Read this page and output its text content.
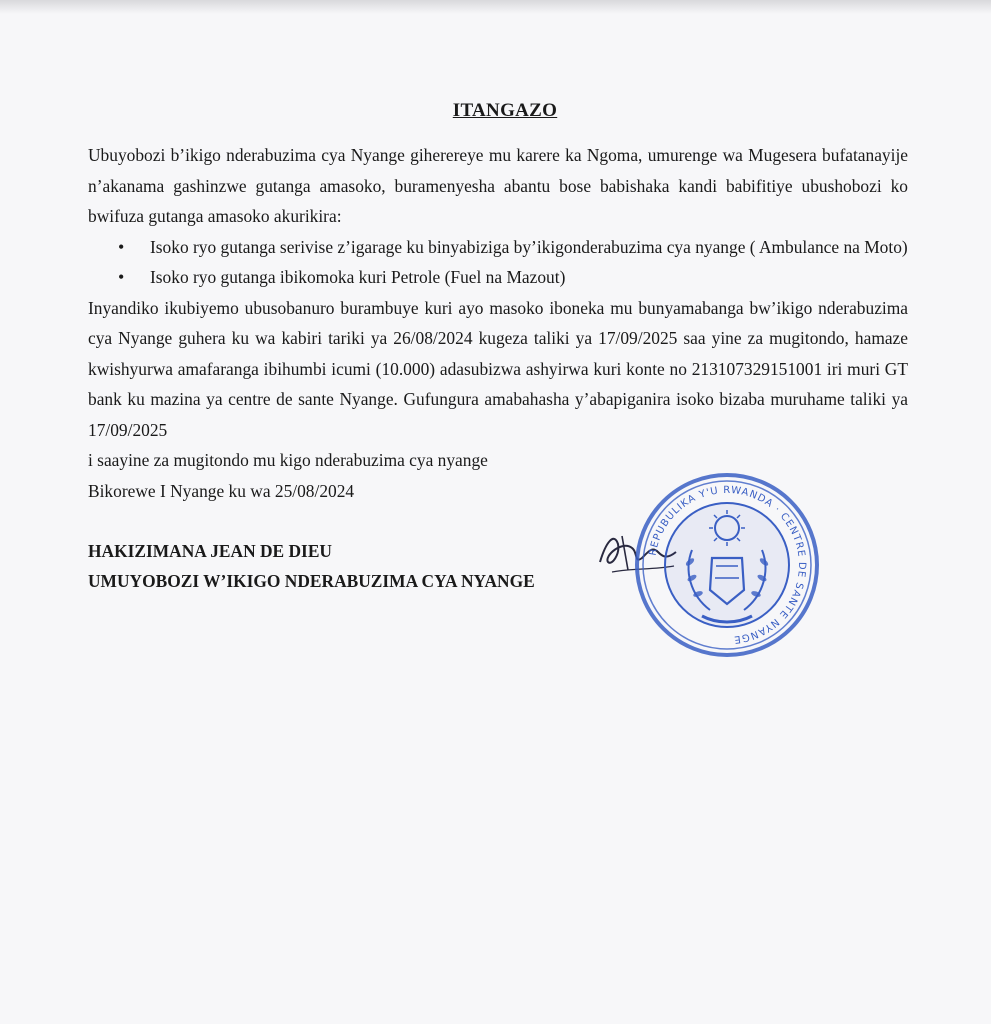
ITANGAZO

Ubuyobozi b’ikigo nderabuzima cya Nyange giherereye mu karere ka Ngoma, umurenge wa Mugesera bufatanayije n’akanama gashinzwe gutanga amasoko, buramenyesha abantu bose babishaka kandi babifitiye ubushobozi ko bwifuza gutanga amasoko akurikira:

• Isoko ryo gutanga serivise z’igarage ku binyabiziga by’ikigonderabuzima cya nyange ( Ambulance na Moto)
• Isoko ryo gutanga ibikomoka kuri Petrole (Fuel na Mazout)

Inyandiko ikubiyemo ubusobanuro burambuye kuri ayo masoko iboneka mu bunyamabanga bw’ikigo nderabuzima cya Nyange guhera ku wa kabiri tariki ya 26/08/2024 kugeza taliki ya 17/09/2025 saa yine za mugitondo, hamaze kwishyurwa amafaranga ibihumbi icumi (10.000) adasubizwa ashyirwa kuri konte no 213107329151001 iri muri GT bank ku mazina ya centre de sante Nyange. Gufungura amabahasha y’abapiganira isoko bizaba muruhame taliki ya 17/09/2025

i saayine za mugitondo mu kigo nderabuzima cya nyange

Bikorewe I Nyange ku wa 25/08/2024

HAKIZIMANA JEAN DE DIEU
UMUYOBOZI W’IKIGO NDERABUZIMA CYA NYANGE
REPUBULIKA Y'U RWANDA · CENTRE DE SANTE NYANGE
